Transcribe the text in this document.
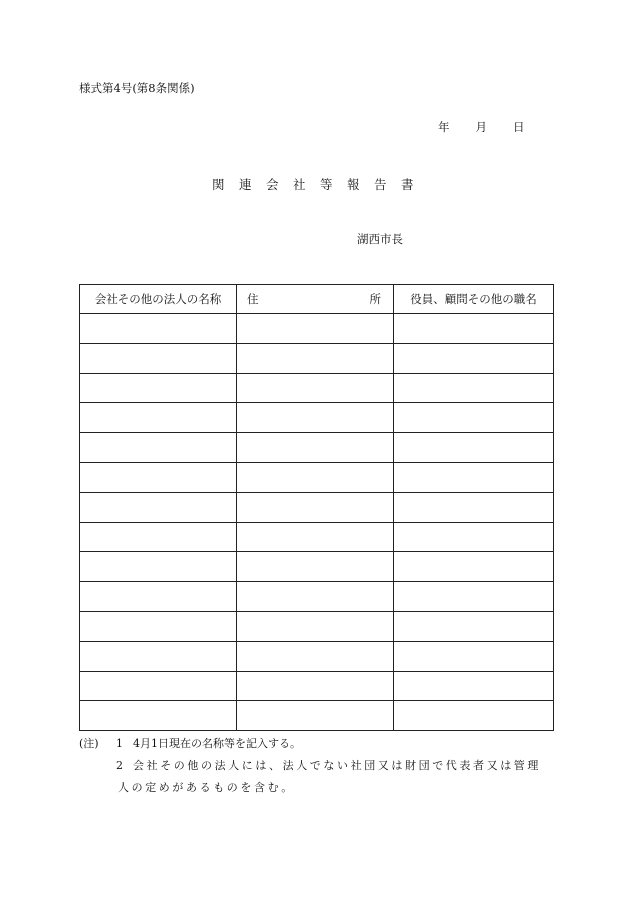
様式第4号(第8条関係)
年 月 日
関連会社等報告書
湖西市長
会社その他の法人の名称	住 所	役員、顧問その他の職名

(注) 1 4月1日現在の名称等を記入する。
2 会社その他の法人には、法人でない社団又は財団で代表者又は管理
人の定めがあるものを含む。
